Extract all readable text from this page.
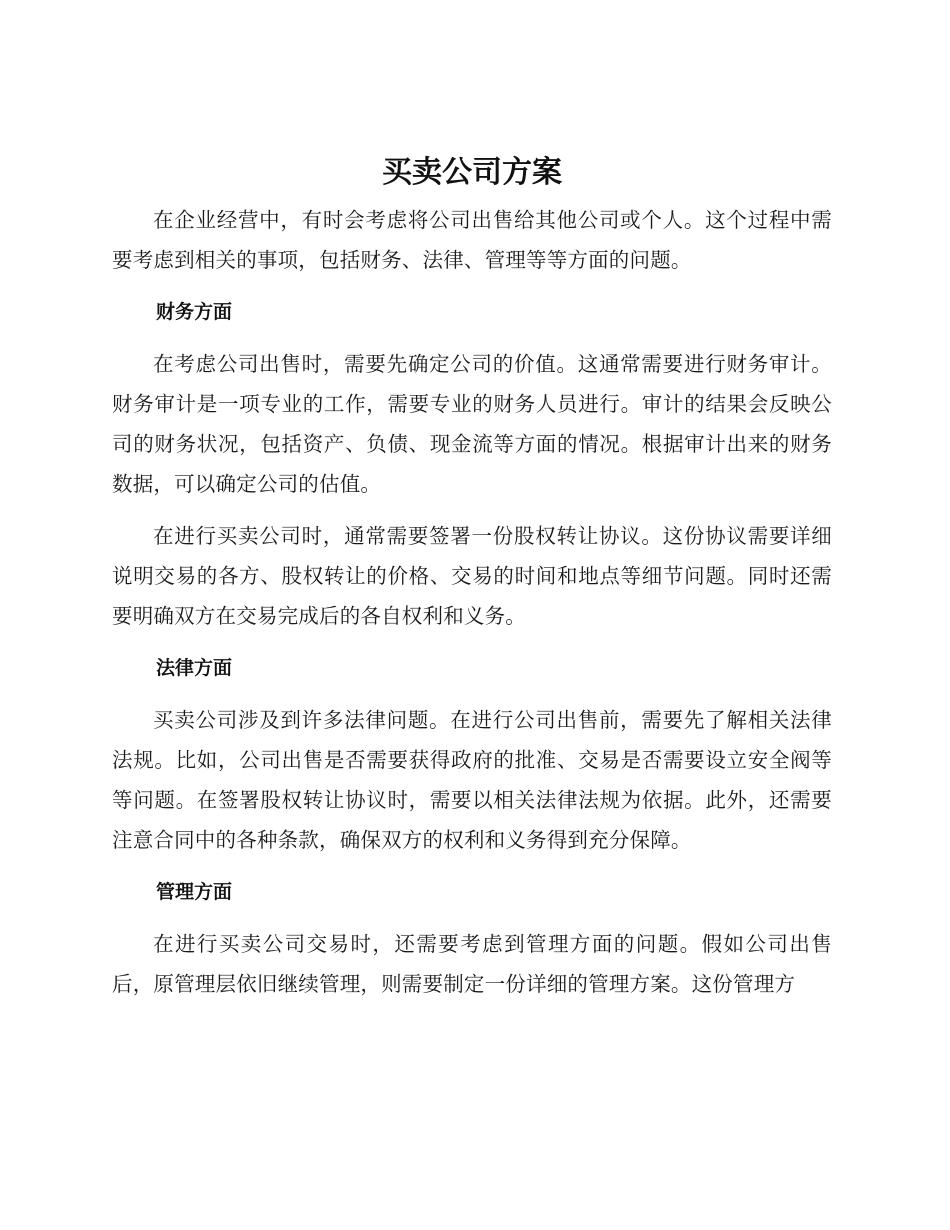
买卖公司方案

在企业经营中，有时会考虑将公司出售给其他公司或个人。这个过程中需要考虑到相关的事项，包括财务、法律、管理等等方面的问题。

财务方面

在考虑公司出售时，需要先确定公司的价值。这通常需要进行财务审计。财务审计是一项专业的工作，需要专业的财务人员进行。审计的结果会反映公司的财务状况，包括资产、负债、现金流等方面的情况。根据审计出来的财务数据，可以确定公司的估值。

在进行买卖公司时，通常需要签署一份股权转让协议。这份协议需要详细说明交易的各方、股权转让的价格、交易的时间和地点等细节问题。同时还需要明确双方在交易完成后的各自权利和义务。

法律方面

买卖公司涉及到许多法律问题。在进行公司出售前，需要先了解相关法律法规。比如，公司出售是否需要获得政府的批准、交易是否需要设立安全阀等等问题。在签署股权转让协议时，需要以相关法律法规为依据。此外，还需要注意合同中的各种条款，确保双方的权利和义务得到充分保障。

管理方面

在进行买卖公司交易时，还需要考虑到管理方面的问题。假如公司出售后，原管理层依旧继续管理，则需要制定一份详细的管理方案。这份管理方
